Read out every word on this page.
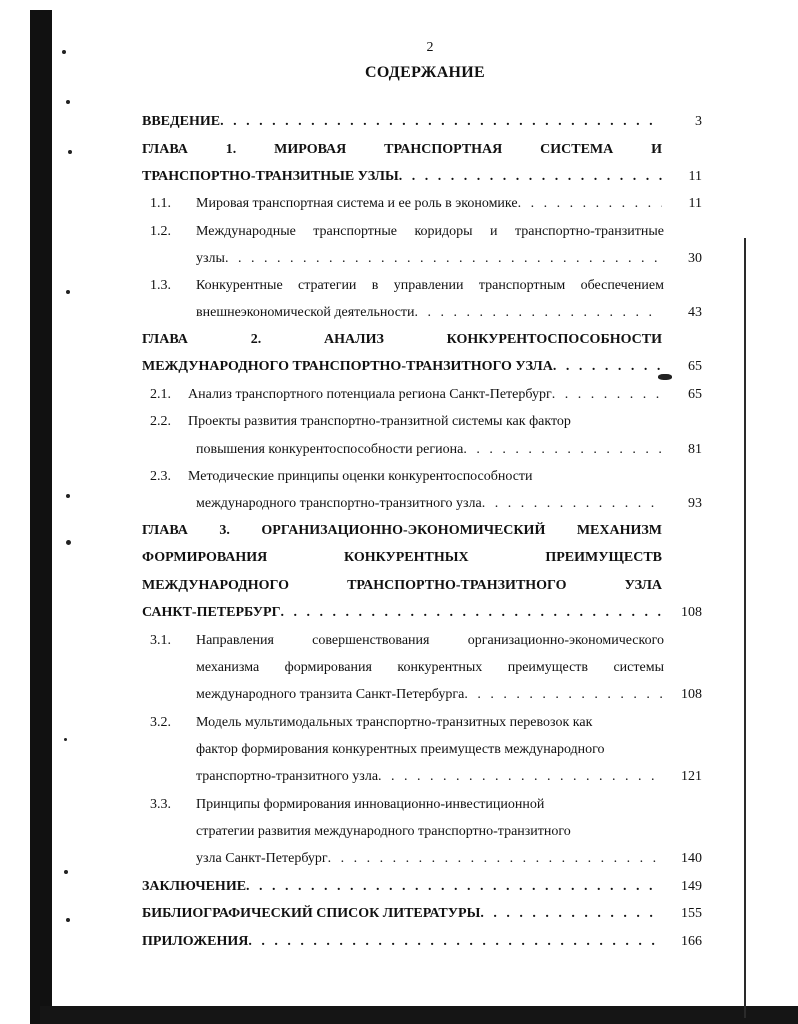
2
СОДЕРЖАНИЕ
ВВЕДЕНИЕ . . .	3
ГЛАВА 1. МИРОВАЯ ТРАНСПОРТНАЯ СИСТЕМА И
ТРАНСПОРТНО-ТРАНЗИТНЫЕ УЗЛЫ . . .	11
1.1. Мировая транспортная система и ее роль в экономике . . .	11
1.2. Международные транспортные коридоры и транспортно-транзитные
узлы . . .	30
1.3. Конкурентные стратегии в управлении транспортным обеспечением
внешнеэкономической деятельности . . .	43
ГЛАВА 2. АНАЛИЗ КОНКУРЕНТОСПОСОБНОСТИ
МЕЖДУНАРОДНОГО ТРАНСПОРТНО-ТРАНЗИТНОГО УЗЛА . . .	65
2.1. Анализ транспортного потенциала региона Санкт-Петербург . . .	65
2.2. Проекты развития транспортно-транзитной системы как фактор
повышения конкурентоспособности региона . . .	81
2.3. Методические принципы оценки конкурентоспособности
международного транспортно-транзитного узла . . .	93
ГЛАВА 3. ОРГАНИЗАЦИОННО-ЭКОНОМИЧЕСКИЙ МЕХАНИЗМ
ФОРМИРОВАНИЯ КОНКУРЕНТНЫХ ПРЕИМУЩЕСТВ
МЕЖДУНАРОДНОГО ТРАНСПОРТНО-ТРАНЗИТНОГО УЗЛА
САНКТ-ПЕТЕРБУРГ . . .	108
3.1. Направления совершенствования организационно-экономического
механизма формирования конкурентных преимуществ системы
международного транзита Санкт-Петербурга . . .	108
3.2. Модель мультимодальных транспортно-транзитных перевозок как
фактор формирования конкурентных преимуществ международного
транспортно-транзитного узла . . .	121
3.3. Принципы формирования инновационно-инвестиционной
стратегии развития международного транспортно-транзитного
узла Санкт-Петербург . . .	140
ЗАКЛЮЧЕНИЕ . . .	149
БИБЛИОГРАФИЧЕСКИЙ СПИСОК ЛИТЕРАТУРЫ . . .	155
ПРИЛОЖЕНИЯ . . .	166
